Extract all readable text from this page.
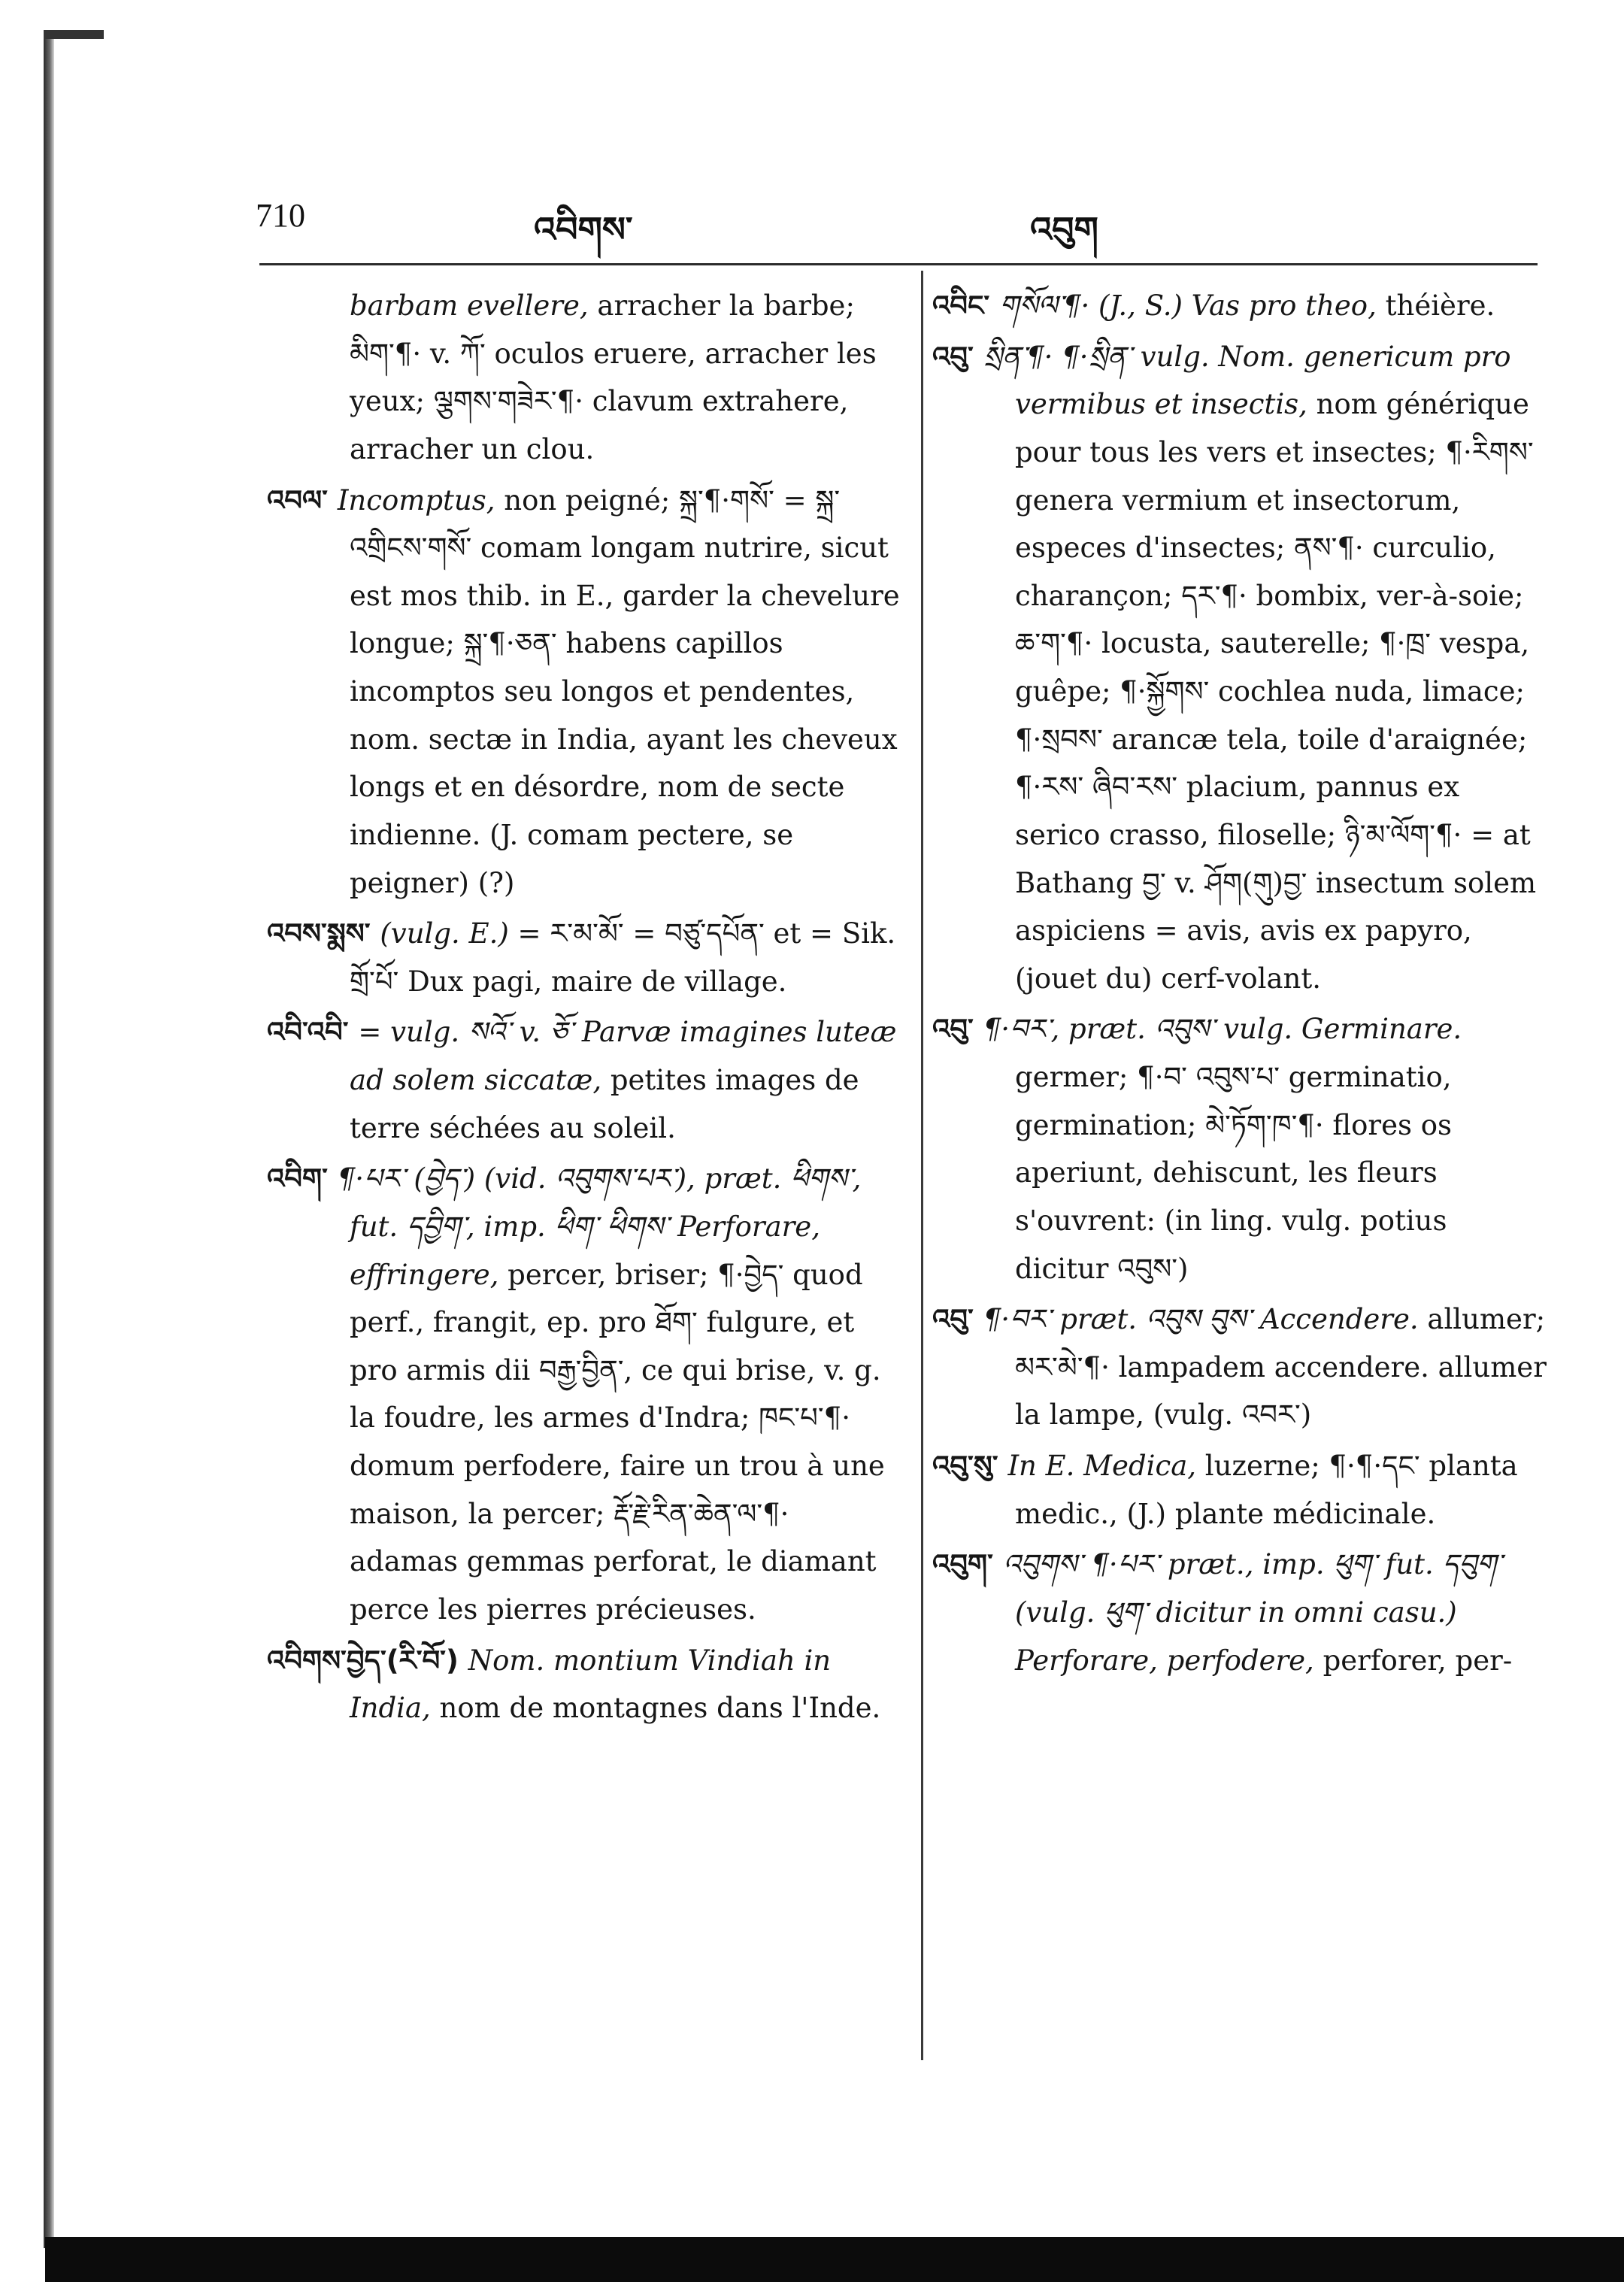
710	འབིགས་	འབུག

barbam evellere, arracher la barbe; མིག་¶· v. ཀོ་ oculos eruere, arracher les yeux; ལྕགས་གཟེར་¶· clavum extrahere, arracher un clou.

འབལ་ Incomptus, non peigné; སྐྲ་¶·གསོ་ = སྐྲ་འགྲིངས་གསོ་ comam longam nutrire, sicut est mos thib. in E., garder la chevelure longue; སྐྲ་¶·ཅན་ habens capillos incomptos seu longos et pendentes, nom. sectæ in India, ayant les cheveux longs et en désordre, nom de secte indienne. (J. comam pectere, se peigner) (?)

འབས་སྨས་ (vulg. E.) = ར་མ་མོ་ = བཙུ་དཔོན་ et = Sik. གྲོ་པོ་ Dux pagi, maire de village.

འབི་འབི་ = vulg. སའོ་ v. ཅོ་ Parvæ imagines luteæ ad solem siccatæ, petites images de terre séchées au soleil.

འབིག་ ¶·པར་ (བྱེད་) (vid. འབུགས་པར་), præt. ཕིགས་, fut. དབྱིག་, imp. ཕིག་ ཕིགས་ Perforare, effringere, percer, briser; ¶·བྱེད་ quod perf., frangit, ep. pro ཐོག་ fulgure, et pro armis dii བརྒྱ་བྱིན་, ce qui brise, v. g. la foudre, les armes d'Indra; ཁང་པ་¶· domum perfodere, faire un trou à une maison, la percer; རྡོ་རྗེ་རིན་ཆེན་ལ་¶· adamas gemmas perforat, le diamant perce les pierres précieuses.

འབིགས་བྱེད་(རི་བོ་) Nom. montium Vindiah in India, nom de montagnes dans l'Inde.

འབིང་ གསོལ་¶· (J., S.) Vas pro theo, théière.

འབུ་ སྲིན་¶· ¶·སྲིན་ vulg. Nom. genericum pro vermibus et insectis, nom générique pour tous les vers et insectes; ¶·རིགས་ genera vermium et insectorum, especes d'insectes; ནས་¶· curculio, charançon; དར་¶· bombix, ver-à-soie; ཆ་ག་¶· locusta, sauterelle; ¶·ཁྲ་ vespa, guêpe; ¶·སྐྱོགས་ cochlea nuda, limace; ¶·སྲབས་ arancæ tela, toile d'araignée; ¶·རས་ ཞིབ་རས་ placium, pannus ex serico crasso, filoselle; ཉི་མ་ལོག་¶· = at Bathang བྱ་ v. ཤོག(གུ)བྱ་ insectum solem aspiciens = avis, avis ex papyro, (jouet du) cerf-volant.

འབུ་ ¶·བར་, præt. འབུས་ vulg. Germinare. germer; ¶·བ་ འབུས་པ་ germinatio, germination; མེ་ཏོག་ཁ་¶· flores os aperiunt, dehiscunt, les fleurs s'ouvrent: (in ling. vulg. potius dicitur འབུས་)

འབུ་ ¶·བར་ præt. འབུས བུས་ Accendere. allumer; མར་མེ་¶· lampadem accendere. allumer la lampe, (vulg. འབར་)

འབུ་སུ་ In E. Medica, luzerne; ¶·¶·དང་ planta medic., (J.) plante médicinale.

འབུག་ འབུགས་ ¶·པར་ præt., imp. ཕུག་ fut. དབུག་ (vulg. ཕུག་ dicitur in omni casu.) Perforare, perfodere, perforer, per-
